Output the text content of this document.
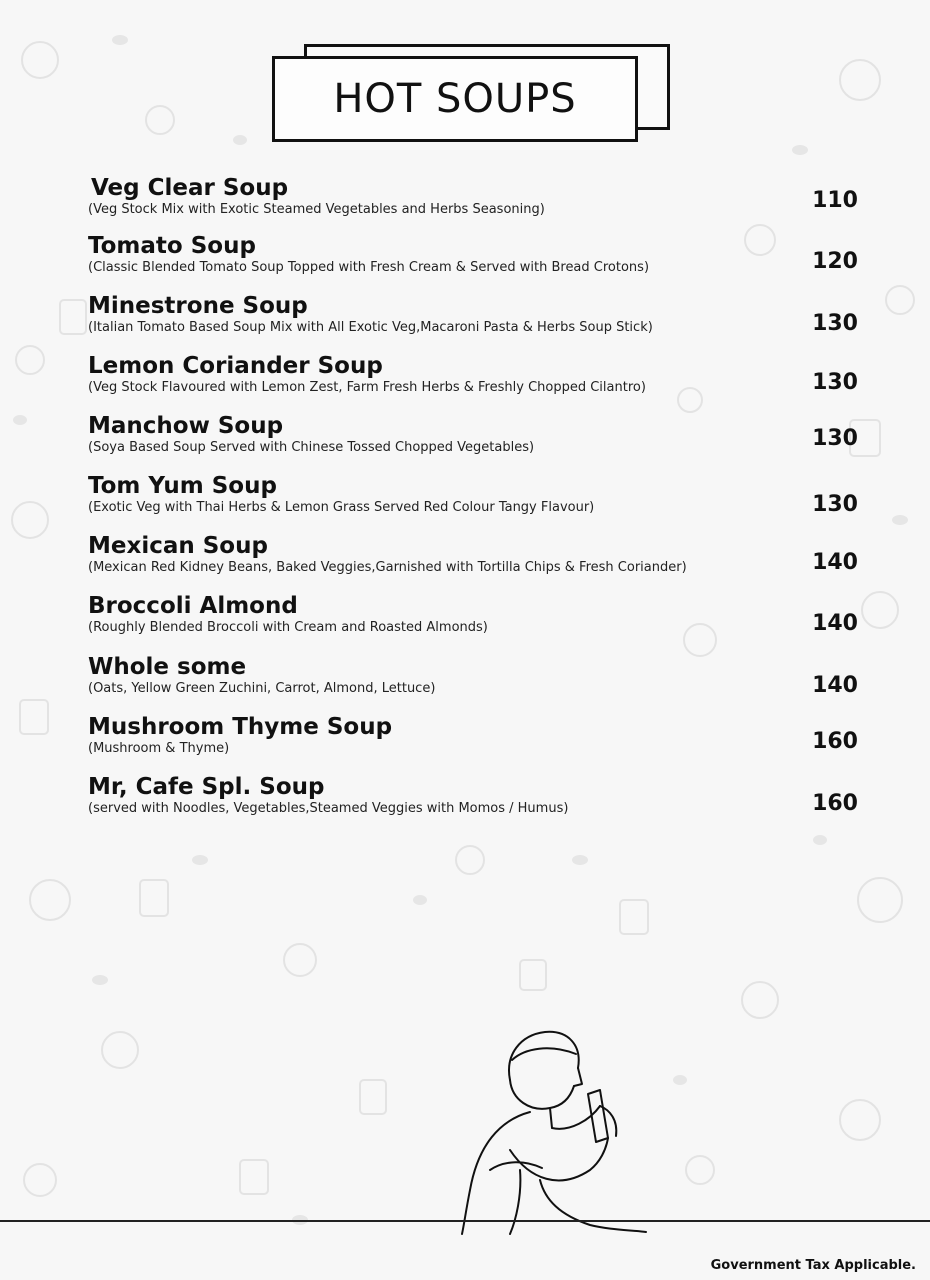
HOT SOUPS
Veg Clear Soup
(Veg Stock Mix with Exotic Steamed Vegetables and Herbs Seasoning)	110
Tomato Soup
(Classic Blended Tomato Soup Topped with Fresh Cream & Served with Bread Crotons)	120
Minestrone Soup
(Italian Tomato Based Soup Mix with All Exotic Veg,Macaroni Pasta & Herbs Soup Stick)	130
Lemon Coriander Soup
(Veg Stock Flavoured with Lemon Zest, Farm Fresh Herbs & Freshly Chopped Cilantro)	130
Manchow Soup
(Soya Based Soup Served with Chinese Tossed Chopped Vegetables)	130
Tom Yum Soup
(Exotic Veg with Thai Herbs & Lemon Grass Served Red Colour Tangy Flavour)	130
Mexican Soup
(Mexican Red Kidney Beans, Baked Veggies,Garnished with Tortilla Chips & Fresh Coriander)	140
Broccoli Almond
(Roughly Blended Broccoli with Cream and Roasted Almonds)	140
Whole some
(Oats, Yellow Green Zuchini, Carrot, Almond, Lettuce)	140
Mushroom Thyme Soup
(Mushroom & Thyme)	160
Mr, Cafe Spl. Soup
(served with Noodles, Vegetables,Steamed Veggies with Momos / Humus)	160
Government Tax Applicable.
